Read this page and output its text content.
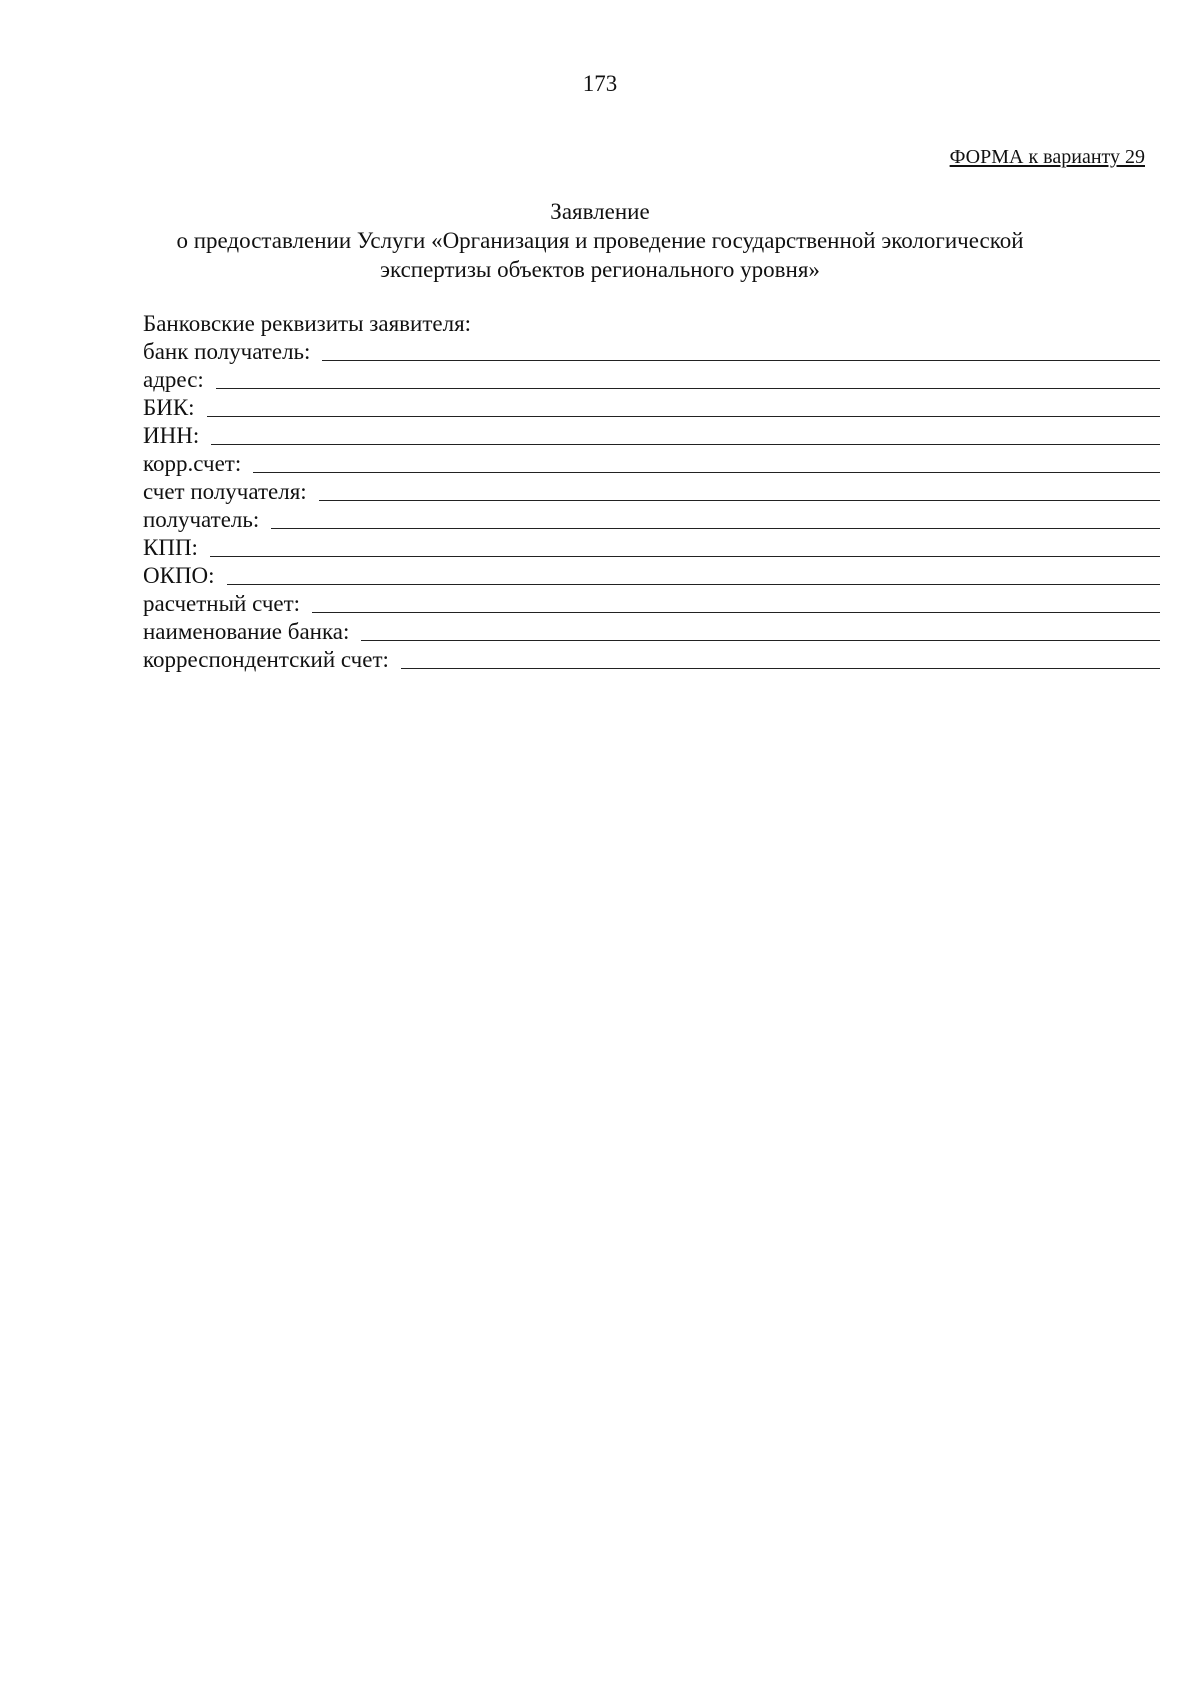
173
ФОРМА к варианту 29
Заявление
о предоставлении Услуги «Организация и проведение государственной экологической
экспертизы объектов регионального уровня»
Банковские реквизиты заявителя:
банк получатель:
адрес:
БИК:
ИНН:
корр.счет:
счет получателя:
получатель:
КПП:
ОКПО:
расчетный счет:
наименование банка:
корреспондентский счет:
